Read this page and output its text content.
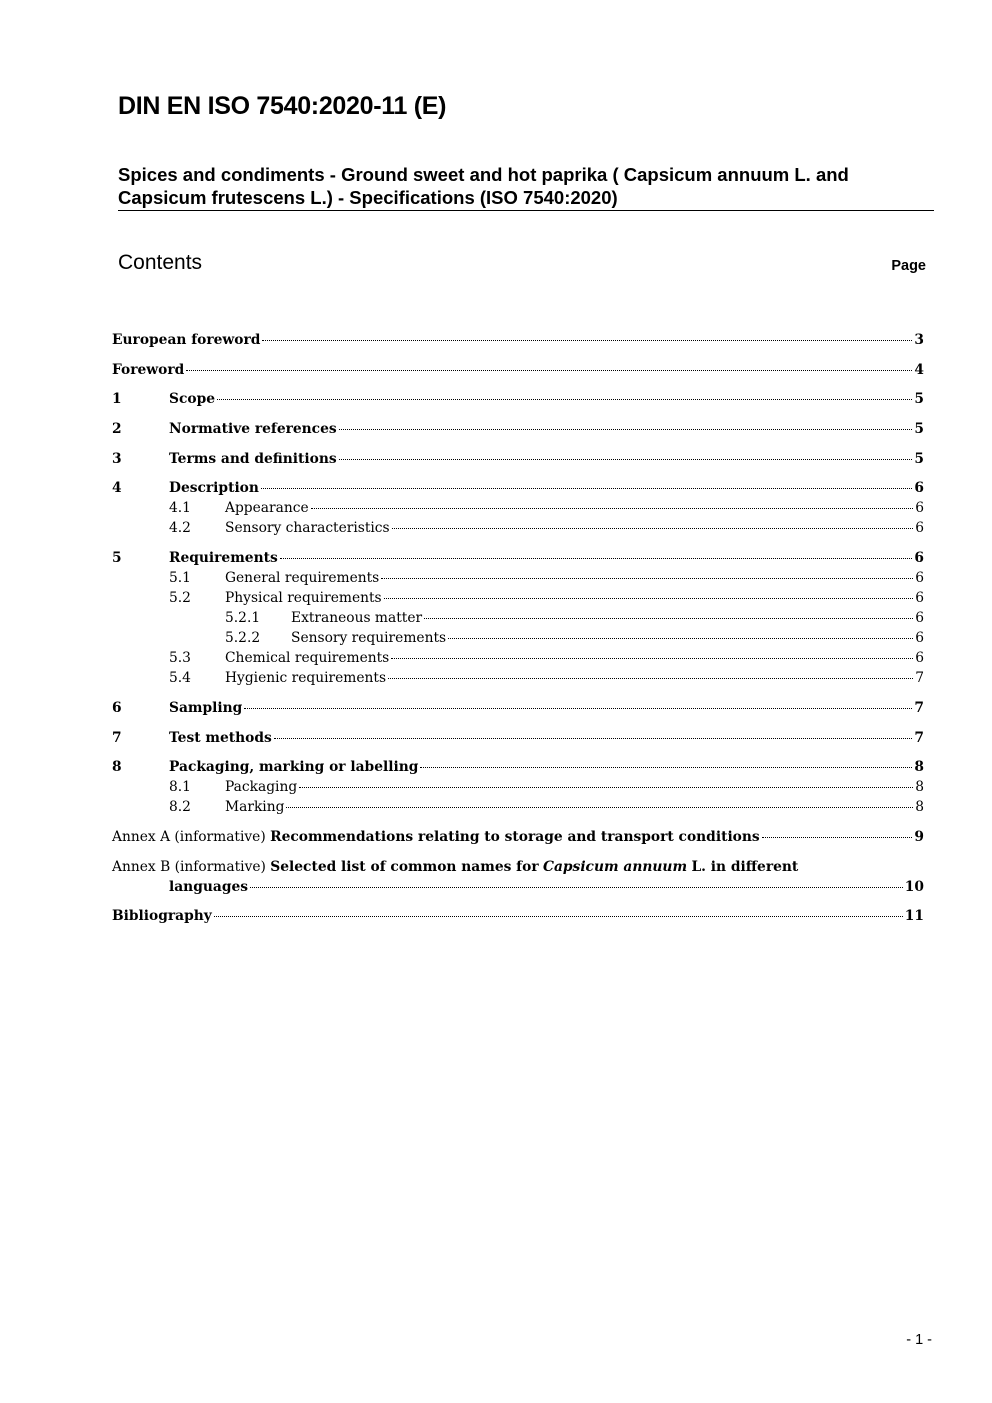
DIN EN ISO 7540:2020-11 (E)
Spices and condiments - Ground sweet and hot paprika ( Capsicum annuum L. and
Capsicum frutescens L.) - Specifications (ISO 7540:2020)
Contents	Page
European foreword	3
Foreword	4
1	Scope	5
2	Normative references	5
3	Terms and definitions	5
4	Description	6
4.1 Appearance	6
4.2 Sensory characteristics	6
5	Requirements	6
5.1 General requirements	6
5.2 Physical requirements	6
5.2.1 Extraneous matter	6
5.2.2 Sensory requirements	6
5.3 Chemical requirements	6
5.4 Hygienic requirements	7
6	Sampling	7
7	Test methods	7
8	Packaging, marking or labelling	8
8.1 Packaging	8
8.2 Marking	8
Annex A (informative) Recommendations relating to storage and transport conditions	9
Annex B (informative) Selected list of common names for Capsicum annuum L. in different
languages	10
Bibliography	11
- 1 -
